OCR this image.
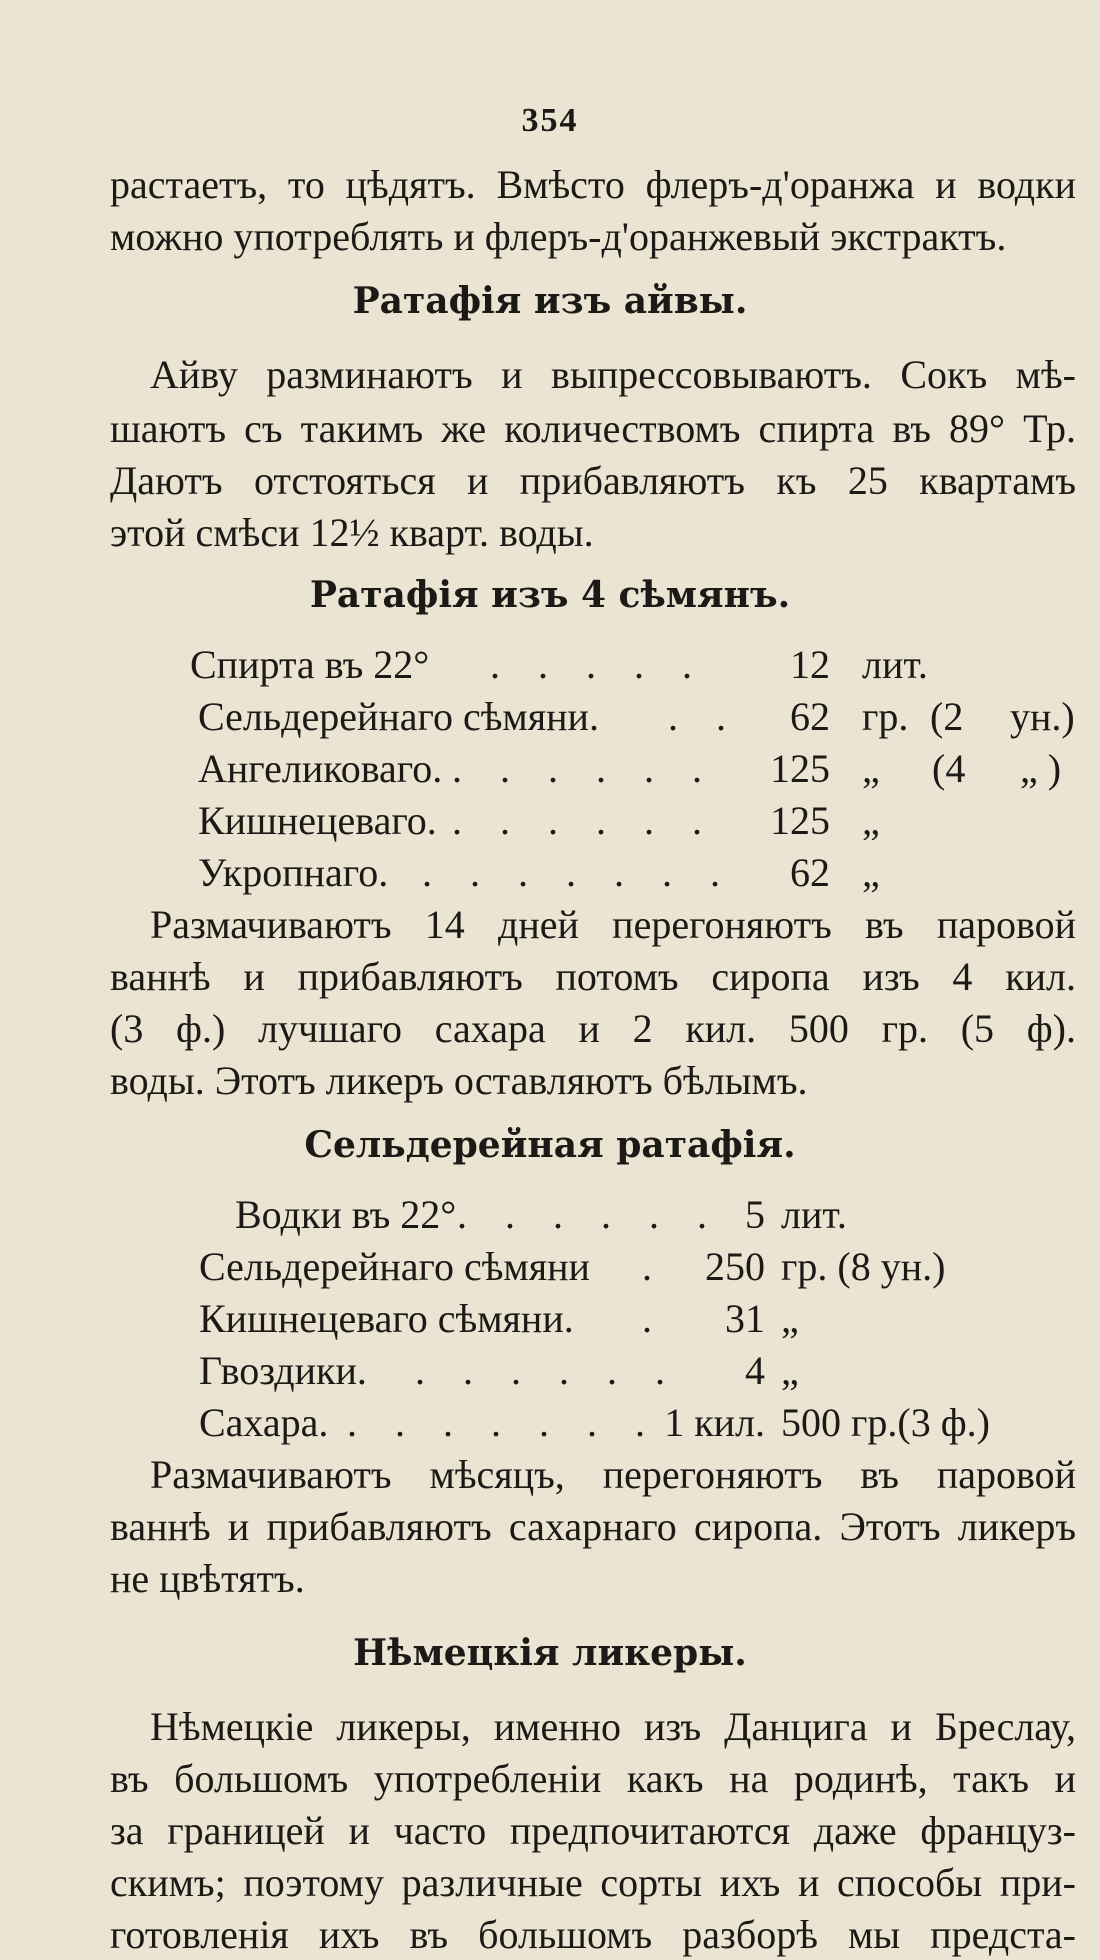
354
растаетъ, то цѣдятъ. Вмѣсто флеръ-д'оранжа и водки
можно употреблять и флеръ-д'оранжевый экстрактъ.
Ратафія изъ айвы.
Айву разминаютъ и выпрессовываютъ. Сокъ мѣ-
шаютъ съ такимъ же количествомъ спирта въ 89° Тр.
Даютъ отстояться и прибавляютъ къ 25 квартамъ
этой смѣси 12½ кварт. воды.
Ратафія изъ 4 сѣмянъ.
Спирта въ 22° . . . . .	12 лит.
Сельдерейнаго сѣмяни. . .	62 гр. (2 ун.)
Ангеликоваго. . . . . . .	125 „ (4 „ )
Кишнецеваго. . . . . . .	125 „
Укропнаго. . . . . . . .	62 „
Размачиваютъ 14 дней перегоняютъ въ паровой
ваннѣ и прибавляютъ потомъ сиропа изъ 4 кил.
(3 ф.) лучшаго сахара и 2 кил. 500 гр. (5 ф).
воды. Этотъ ликеръ оставляютъ бѣлымъ.
Сельдерейная ратафія.
Водки въ 22° . . . . . . 5 лит.
Сельдерейнаго сѣмяни . 250 гр. (8 ун.)
Кишнецеваго сѣмяни. .	31 „
Гвоздики. . . . . . .	4 „
Сахара. . . . . . . . 1 кил. 500 гр.(3 ф.)
Размачиваютъ мѣсяцъ, перегоняютъ въ паровой
ваннѣ и прибавляютъ сахарнаго сиропа. Этотъ ликеръ
не цвѣтятъ.
Нѣмецкія ликеры.
Нѣмецкіе ликеры, именно изъ Данцига и Бреслау,
въ большомъ употребленіи какъ на родинѣ, такъ и
за границей и часто предпочитаются даже француз-
скимъ; поэтому различные сорты ихъ и способы при-
готовленія ихъ въ большомъ разборѣ мы предста-
